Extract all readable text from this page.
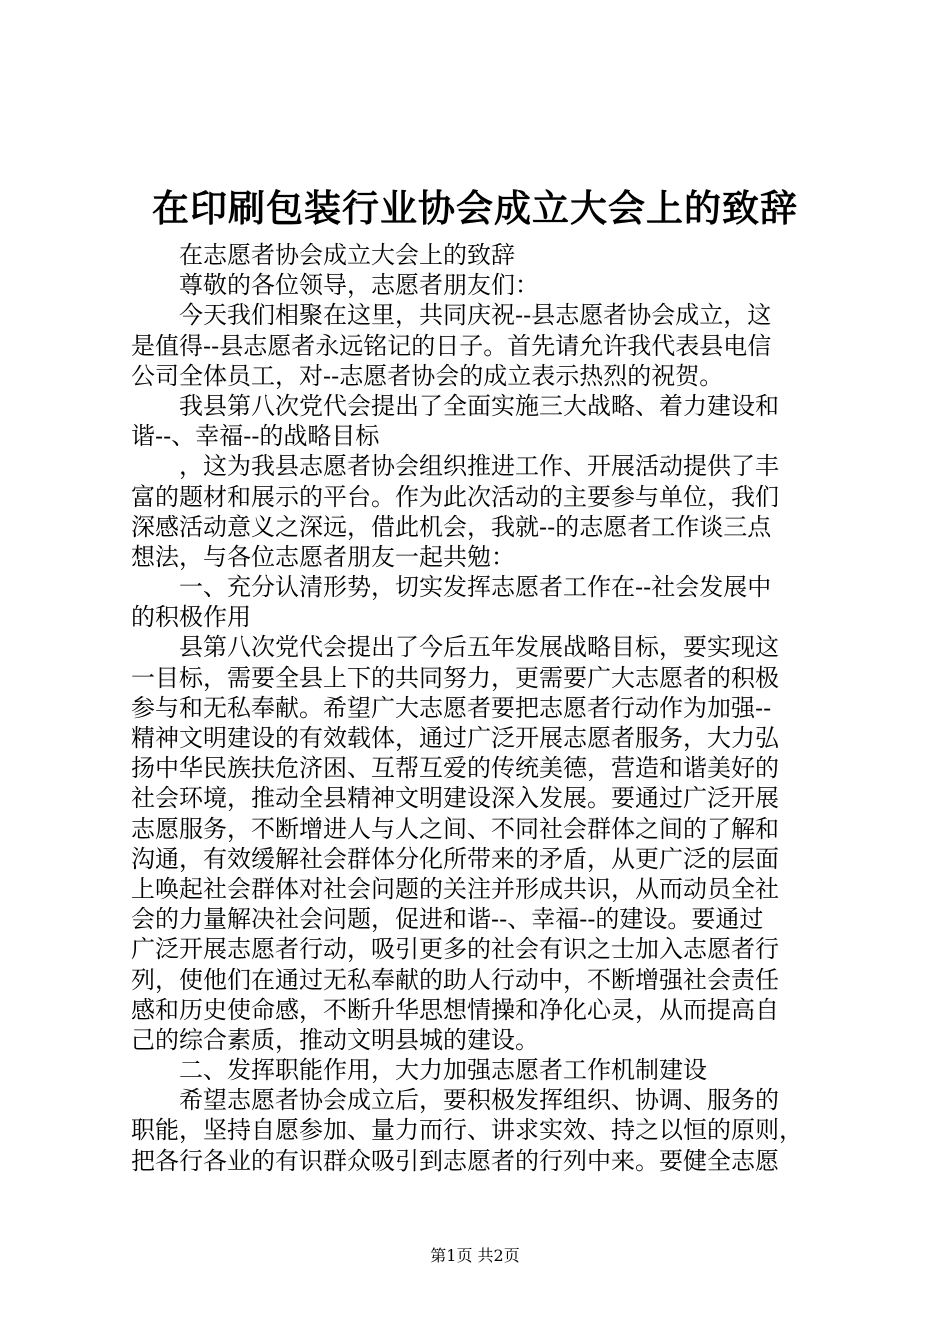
在印刷包装行业协会成立大会上的致辞
　　在志愿者协会成立大会上的致辞
　　尊敬的各位领导，志愿者朋友们：
　　今天我们相聚在这里，共同庆祝--县志愿者协会成立，这
是值得--县志愿者永远铭记的日子。首先请允许我代表县电信
公司全体员工，对--志愿者协会的成立表示热烈的祝贺。
　　我县第八次党代会提出了全面实施三大战略、着力建设和
谐--、幸福--的战略目标
　　，这为我县志愿者协会组织推进工作、开展活动提供了丰
富的题材和展示的平台。作为此次活动的主要参与单位，我们
深感活动意义之深远，借此机会，我就--的志愿者工作谈三点
想法，与各位志愿者朋友一起共勉：
　　一、充分认清形势，切实发挥志愿者工作在--社会发展中
的积极作用
　　县第八次党代会提出了今后五年发展战略目标，要实现这
一目标，需要全县上下的共同努力，更需要广大志愿者的积极
参与和无私奉献。希望广大志愿者要把志愿者行动作为加强--
精神文明建设的有效载体，通过广泛开展志愿者服务，大力弘
扬中华民族扶危济困、互帮互爱的传统美德，营造和谐美好的
社会环境，推动全县精神文明建设深入发展。要通过广泛开展
志愿服务，不断增进人与人之间、不同社会群体之间的了解和
沟通，有效缓解社会群体分化所带来的矛盾，从更广泛的层面
上唤起社会群体对社会问题的关注并形成共识，从而动员全社
会的力量解决社会问题，促进和谐--、幸福--的建设。要通过
广泛开展志愿者行动，吸引更多的社会有识之士加入志愿者行
列，使他们在通过无私奉献的助人行动中，不断增强社会责任
感和历史使命感，不断升华思想情操和净化心灵，从而提高自
己的综合素质，推动文明县城的建设。
　　二、发挥职能作用，大力加强志愿者工作机制建设
　　希望志愿者协会成立后，要积极发挥组织、协调、服务的
职能，坚持自愿参加、量力而行、讲求实效、持之以恒的原则，
把各行各业的有识群众吸引到志愿者的行列中来。要健全志愿
第1页 共2页
